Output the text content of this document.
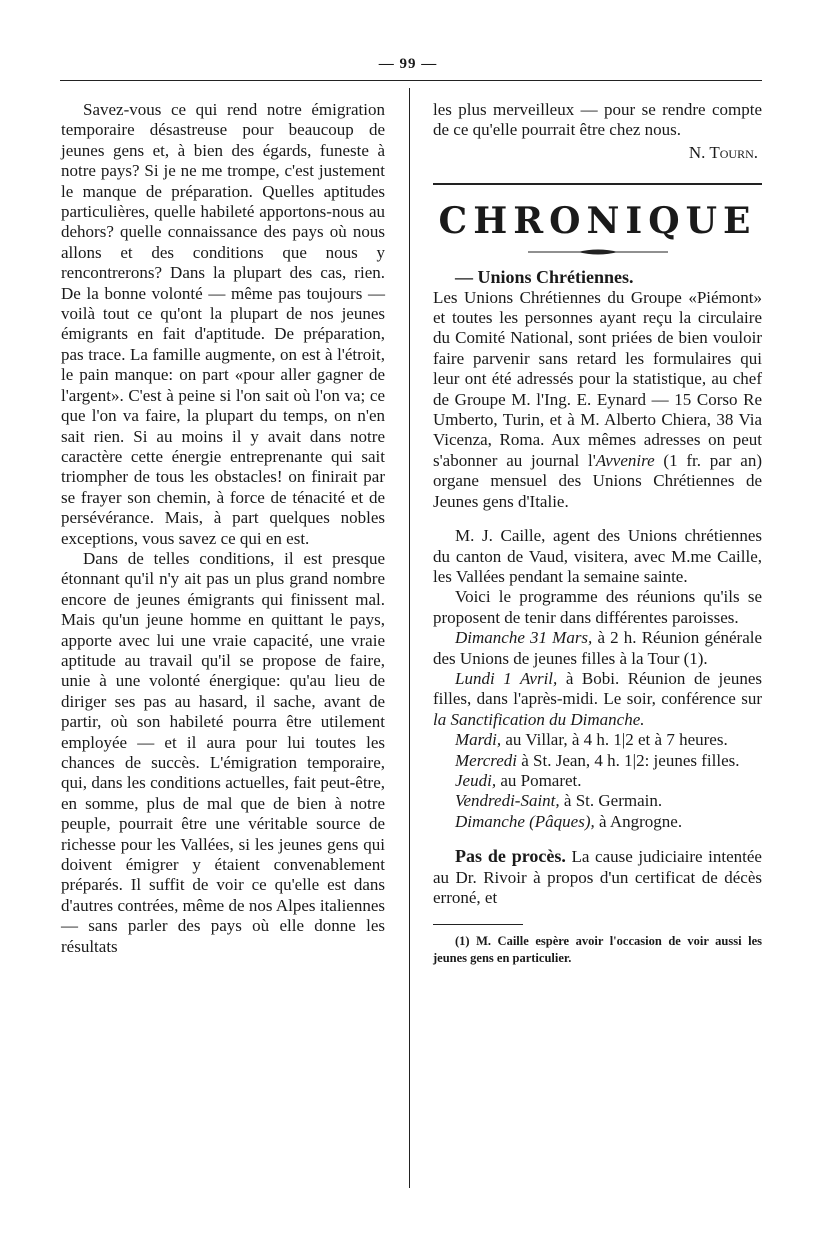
— 99 —

Savez-vous ce qui rend notre émigration temporaire désastreuse pour beaucoup de jeunes gens et, à bien des égards, funeste à notre pays? Si je ne me trompe, c'est justement le manque de préparation. Quelles aptitudes particulières, quelle habileté apportons-nous au dehors? quelle connaissance des pays où nous allons et des conditions que nous y rencontrerons? Dans la plupart des cas, rien. De la bonne volonté — même pas toujours — voilà tout ce qu'ont la plupart de nos jeunes émigrants en fait d'aptitude. De préparation, pas trace. La famille augmente, on est à l'étroit, le pain manque: on part «pour aller gagner de l'argent». C'est à peine si l'on sait où l'on va; ce que l'on va faire, la plupart du temps, on n'en sait rien. Si au moins il y avait dans notre caractère cette énergie entreprenante qui sait triompher de tous les obstacles! on finirait par se frayer son chemin, à force de ténacité et de persévérance. Mais, à part quelques nobles exceptions, vous savez ce qui en est.

Dans de telles conditions, il est presque étonnant qu'il n'y ait pas un plus grand nombre encore de jeunes émigrants qui finissent mal. Mais qu'un jeune homme en quittant le pays, apporte avec lui une vraie capacité, une vraie aptitude au travail qu'il se propose de faire, unie à une volonté énergique: qu'au lieu de diriger ses pas au hasard, il sache, avant de partir, où son habileté pourra être utilement employée — et il aura pour lui toutes les chances de succès. L'émigration temporaire, qui, dans les conditions actuelles, fait peut-être, en somme, plus de mal que de bien à notre peuple, pourrait être une véritable source de richesse pour les Vallées, si les jeunes gens qui doivent émigrer y étaient convenablement préparés. Il suffit de voir ce qu'elle est dans d'autres contrées, même de nos Alpes italiennes — sans parler des pays où elle donne les résultats

les plus merveilleux — pour se rendre compte de ce qu'elle pourrait être chez nous.

N. Tourn.

CHRONIQUE

— Unions Chrétiennes.

Les Unions Chrétiennes du Groupe «Piémont» et toutes les personnes ayant reçu la circulaire du Comité National, sont priées de bien vouloir faire parvenir sans retard les formulaires qui leur ont été adressés pour la statistique, au chef de Groupe M. l'Ing. E. Eynard — 15 Corso Re Umberto, Turin, et à M. Alberto Chiera, 38 Via Vicenza, Roma. Aux mêmes adresses on peut s'abonner au journal l'Avvenire (1 fr. par an) organe mensuel des Unions Chrétiennes de Jeunes gens d'Italie.

M. J. Caille, agent des Unions chrétiennes du canton de Vaud, visitera, avec M.me Caille, les Vallées pendant la semaine sainte.

Voici le programme des réunions qu'ils se proposent de tenir dans différentes paroisses.

Dimanche 31 Mars, à 2 h. Réunion générale des Unions de jeunes filles à la Tour (1).

Lundi 1 Avril, à Bobi. Réunion de jeunes filles, dans l'après-midi. Le soir, conférence sur la Sanctification du Dimanche.

Mardi, au Villar, à 4 h. 1|2 et à 7 heures.

Mercredi à St. Jean, 4 h. 1|2: jeunes filles.

Jeudi, au Pomaret.

Vendredi-Saint, à St. Germain.

Dimanche (Pâques), à Angrogne.

Pas de procès. La cause judiciaire intentée au Dr. Rivoir à propos d'un certificat de décès erroné, et

(1) M. Caille espère avoir l'occasion de voir aussi les jeunes gens en particulier.
